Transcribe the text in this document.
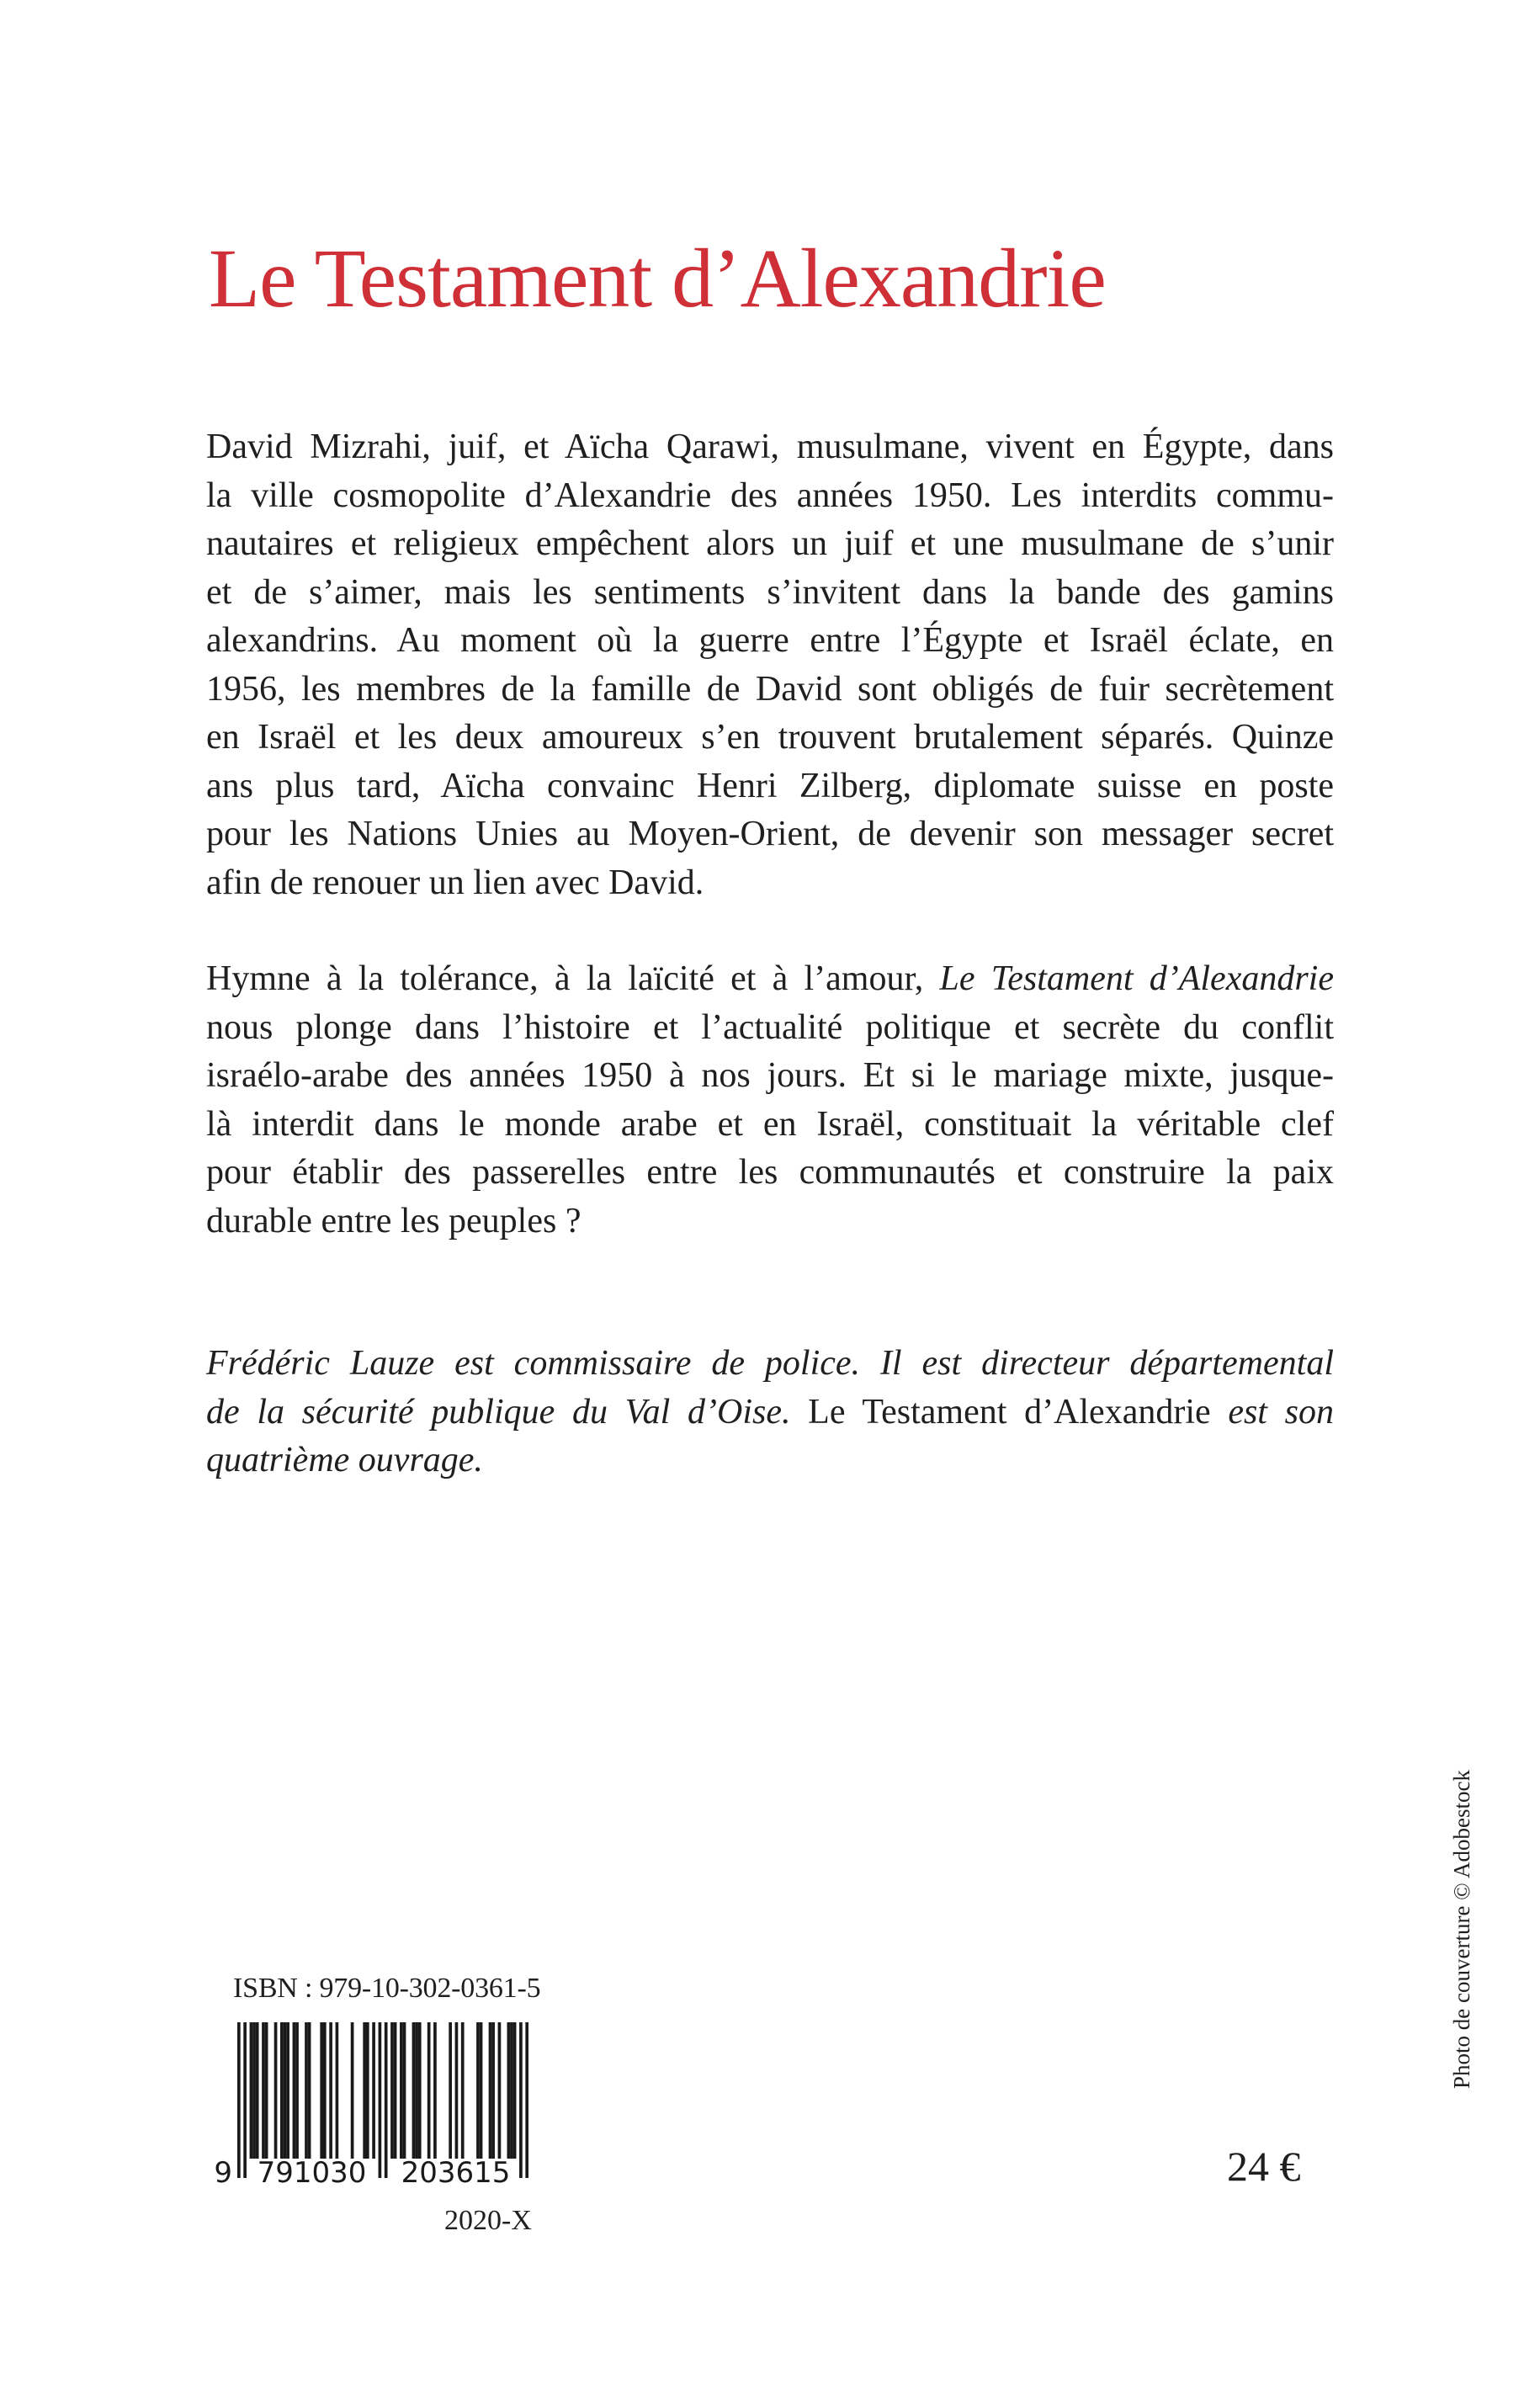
Le Testament d’Alexandrie
David Mizrahi, juif, et Aïcha Qarawi, musulmane, vivent en Égypte, dans
la ville cosmopolite d’Alexandrie des années 1950. Les interdits commu-
nautaires et religieux empêchent alors un juif et une musulmane de s’unir
et de s’aimer, mais les sentiments s’invitent dans la bande des gamins
alexandrins. Au moment où la guerre entre l’Égypte et Israël éclate, en
1956, les membres de la famille de David sont obligés de fuir secrètement
en Israël et les deux amoureux s’en trouvent brutalement séparés. Quinze
ans plus tard, Aïcha convainc Henri Zilberg, diplomate suisse en poste
pour les Nations Unies au Moyen-Orient, de devenir son messager secret
afin de renouer un lien avec David.
Hymne à la tolérance, à la laïcité et à l’amour, Le Testament d’Alexandrie
nous plonge dans l’histoire et l’actualité politique et secrète du conflit
israélo-arabe des années 1950 à nos jours. Et si le mariage mixte, jusque-
là interdit dans le monde arabe et en Israël, constituait la véritable clef
pour établir des passerelles entre les communautés et construire la paix
durable entre les peuples ?
Frédéric Lauze est commissaire de police. Il est directeur départemental
de la sécurité publique du Val d’Oise. Le Testament d’Alexandrie est son
quatrième ouvrage.
ISBN : 979-10-302-0361-5
9 791030	203615
2020-X
24 €
Photo de couverture © Adobestock
